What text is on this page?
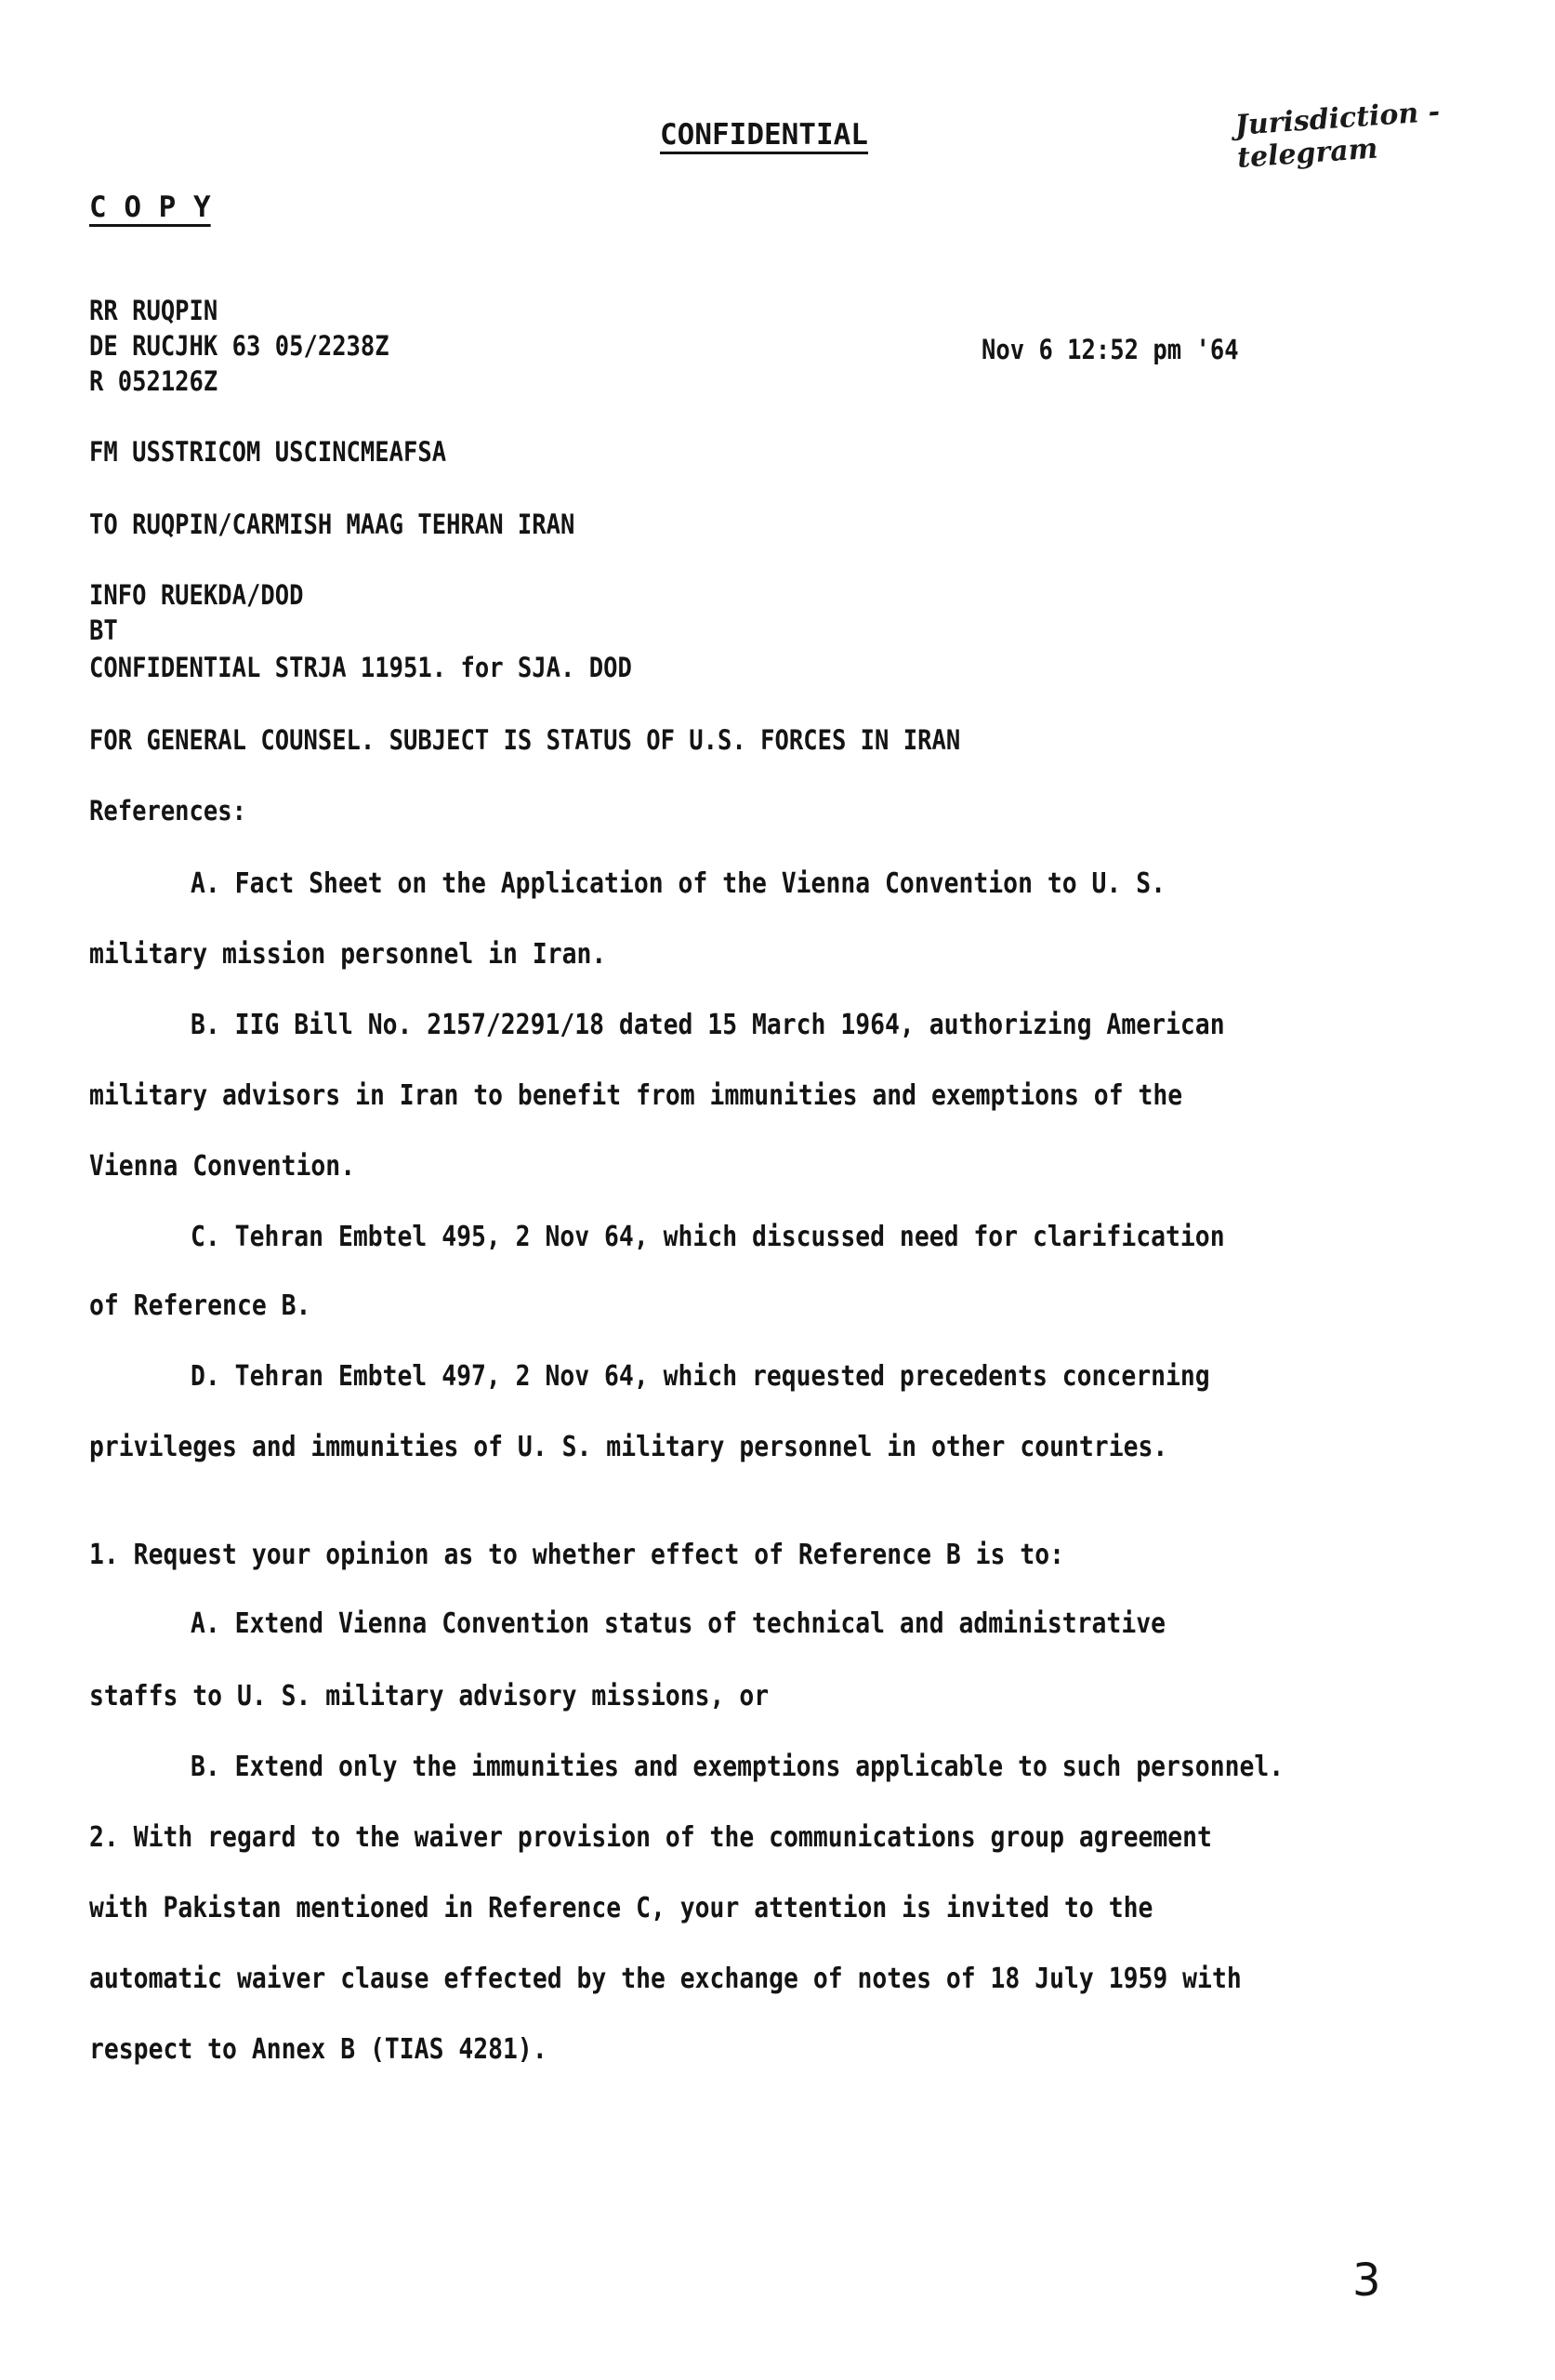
CONFIDENTIAL	Jurisdiction - telegram
C O P Y
RR RUQPIN
DE RUCJHK 63 05/2238Z
R 052126Z
Nov 6 12:52 pm '64
FM USSTRICOM USCINCMEAFSA
TO RUQPIN/CARMISH MAAG TEHRAN IRAN
INFO RUEKDA/DOD
BT
CONFIDENTIAL STRJA 11951. for SJA. DOD
FOR GENERAL COUNSEL. SUBJECT IS STATUS OF U.S. FORCES IN IRAN
References:
A. Fact Sheet on the Application of the Vienna Convention to U. S.
military mission personnel in Iran.
B. IIG Bill No. 2157/2291/18 dated 15 March 1964, authorizing American
military advisors in Iran to benefit from immunities and exemptions of the
Vienna Convention.
C. Tehran Embtel 495, 2 Nov 64, which discussed need for clarification
of Reference B.
D. Tehran Embtel 497, 2 Nov 64, which requested precedents concerning
privileges and immunities of U. S. military personnel in other countries.
1. Request your opinion as to whether effect of Reference B is to:
A. Extend Vienna Convention status of technical and administrative
staffs to U. S. military advisory missions, or
B. Extend only the immunities and exemptions applicable to such personnel.
2. With regard to the waiver provision of the communications group agreement
with Pakistan mentioned in Reference C, your attention is invited to the
automatic waiver clause effected by the exchange of notes of 18 July 1959 with
respect to Annex B (TIAS 4281).
3
